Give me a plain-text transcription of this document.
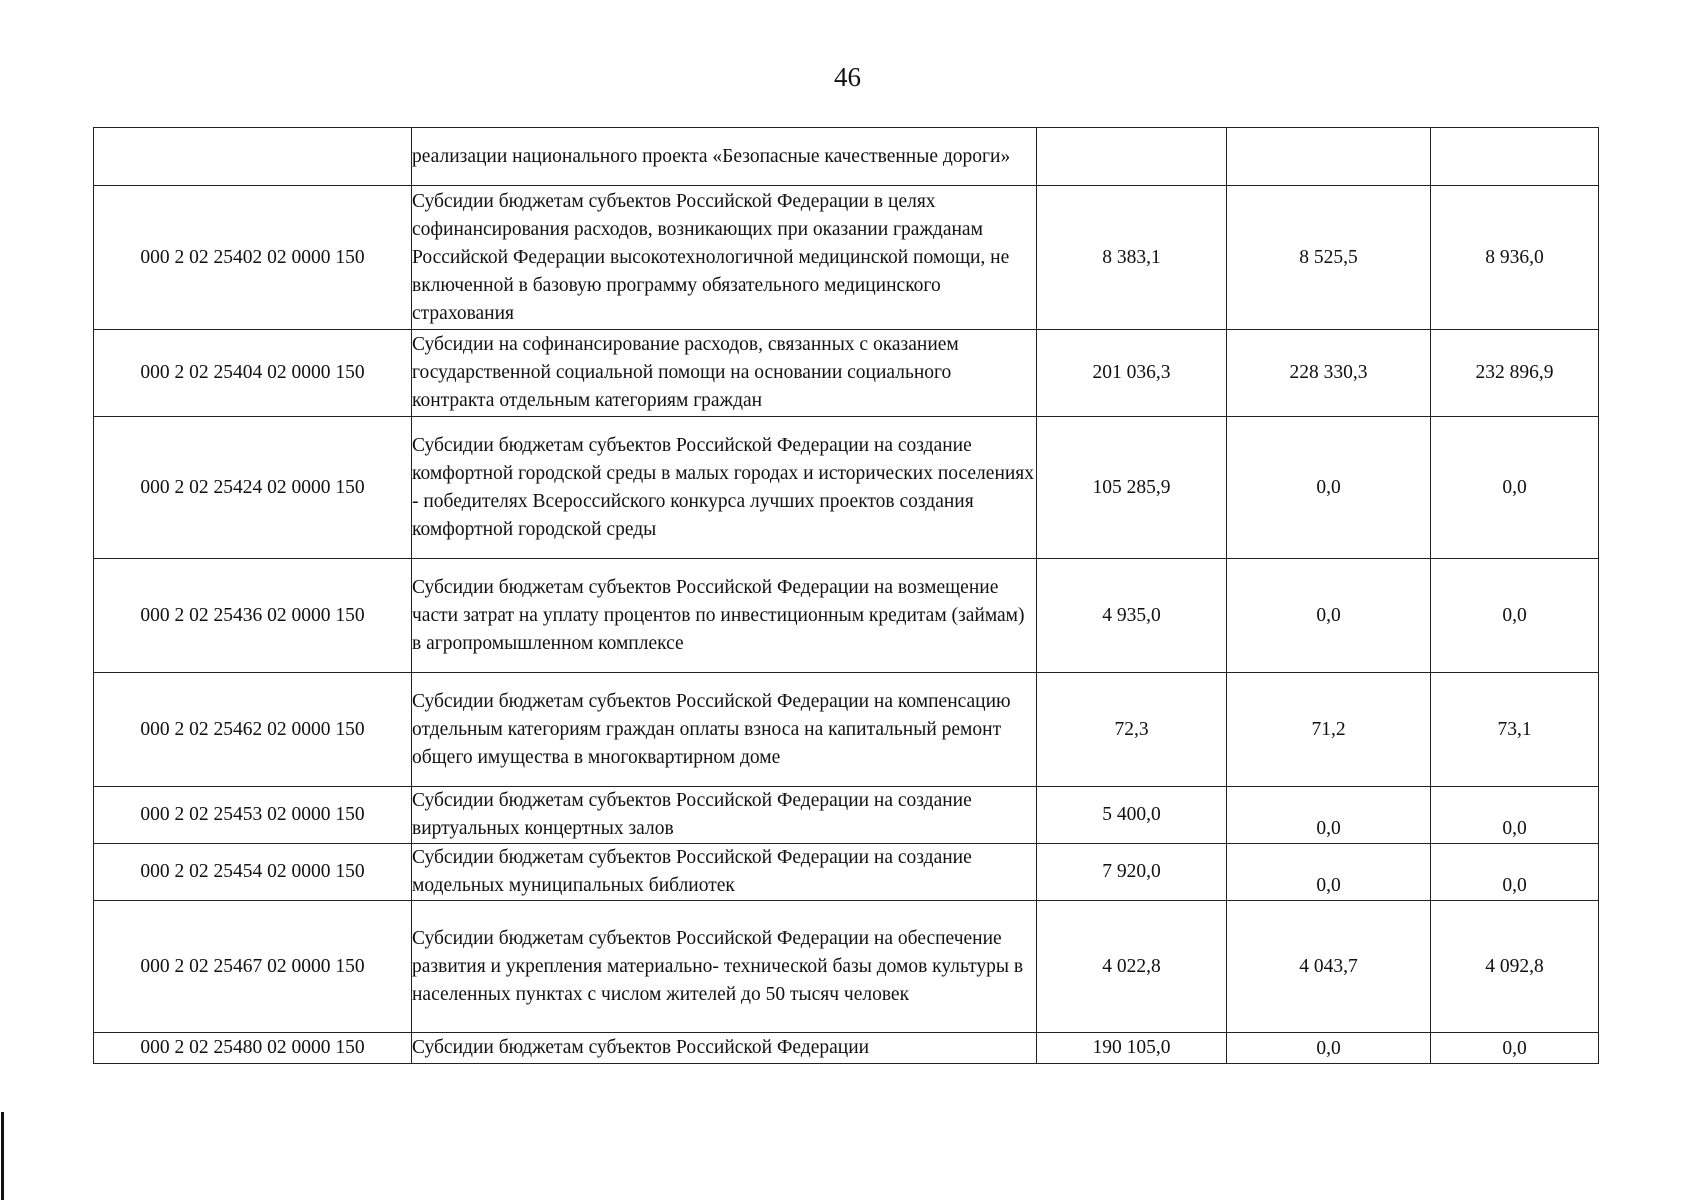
46
	реализации национального проекта «Безопасные качественные дороги»			
000 2 02 25402 02 0000 150	Субсидии бюджетам субъектов Российской Федерации в целях софинансирования расходов, возникающих при оказании гражданам Российской Федерации высокотехнологичной медицинской помощи, не включенной в базовую программу обязательного медицинского страхования	8 383,1	8 525,5	8 936,0
000 2 02 25404 02 0000 150	Субсидии на софинансирование расходов, связанных с оказанием государственной социальной помощи на основании социального контракта отдельным категориям граждан	201 036,3	228 330,3	232 896,9
000 2 02 25424 02 0000 150	Субсидии бюджетам субъектов Российской Федерации на создание комфортной городской среды в малых городах и исторических поселениях - победителях Всероссийского конкурса лучших проектов создания комфортной городской среды	105 285,9	0,0	0,0
000 2 02 25436 02 0000 150	Субсидии бюджетам субъектов Российской Федерации на возмещение части затрат на уплату процентов по инвестиционным кредитам (займам) в агропромышленном комплексе	4 935,0	0,0	0,0
000 2 02 25462 02 0000 150	Субсидии бюджетам субъектов Российской Федерации на компенсацию отдельным категориям граждан оплаты взноса на капитальный ремонт общего имущества в многоквартирном доме	72,3	71,2	73,1
000 2 02 25453 02 0000 150	Субсидии бюджетам субъектов Российской Федерации на создание виртуальных концертных залов	5 400,0	0,0	0,0
000 2 02 25454 02 0000 150	Субсидии бюджетам субъектов Российской Федерации на создание модельных муниципальных библиотек	7 920,0	0,0	0,0
000 2 02 25467 02 0000 150	Субсидии бюджетам субъектов Российской Федерации на обеспечение развития и укрепления материально- технической базы домов культуры в населенных пунктах с числом жителей до 50 тысяч человек	4 022,8	4 043,7	4 092,8
000 2 02 25480 02 0000 150	Субсидии бюджетам субъектов Российской Федерации	190 105,0	0,0	0,0
